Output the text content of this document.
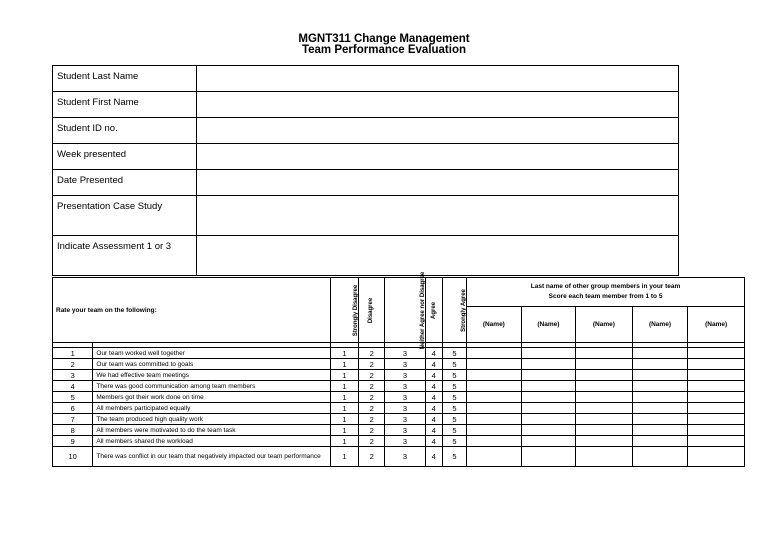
MGNT311 Change Management
Team Performance Evaluation
Student Last Name	
Student First Name	
Student ID no.	
Week presented	
Date Presented	
Presentation Case Study	
Indicate Assessment 1 or 3	
Rate your team on the following:		Strongly Disagree	Disagree	Neither Agree nor Disagree	Agree	Strongly Agree	Last name of other group members in your team
Score each team member from 1 to 5				

							(Name)	(Name)	(Name)	(Name)	(Name)

1	Our team worked well together	1	2	3	4	5					
2	Our team was committed to goals	1	2	3	4	5					
3	We had effective team meetings	1	2	3	4	5					
4	There was good communication among team members	1	2	3	4	5					
5	Members got their work done on time	1	2	3	4	5					
6	All members participated equally	1	2	3	4	5					
7	The team produced high quality work	1	2	3	4	5					
8	All members were motivated to do the team task	1	2	3	4	5					
9	All members shared the workload	1	2	3	4	5					
10	There was conflict in our team that negatively impacted our team performance	1	2	3	4	5					
